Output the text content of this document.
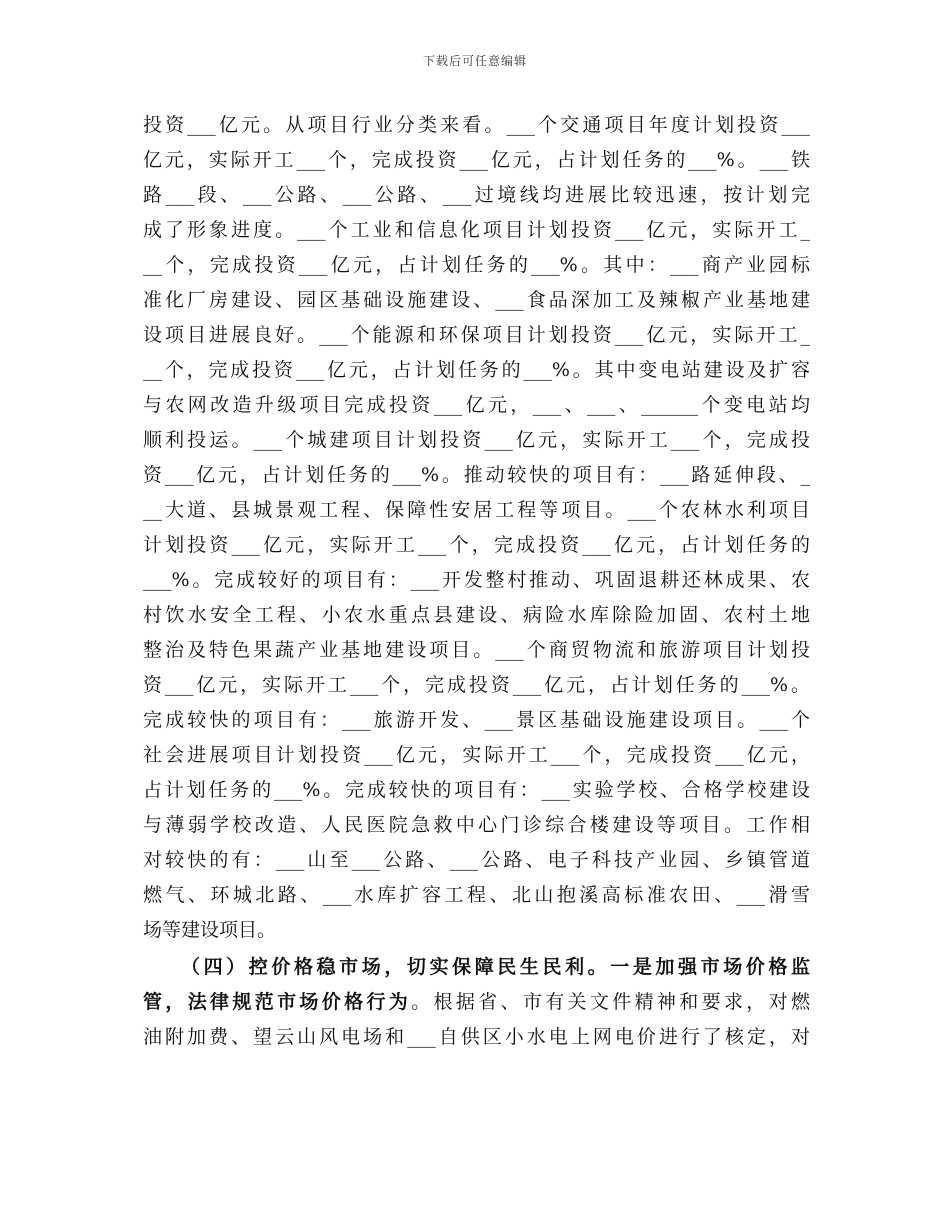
下载后可任意编辑
投资___亿元。从项目行业分类来看。___个交通项目年度计划投资___
亿元，实际开工___个，完成投资___亿元，占计划任务的___%。___铁
路___段、___公路、___公路、___过境线均进展比较迅速，按计划完
成了形象进度。___个工业和信息化项目计划投资___亿元，实际开工_
__个，完成投资___亿元，占计划任务的___%。其中：___商产业园标
准化厂房建设、园区基础设施建设、___食品深加工及辣椒产业基地建
设项目进展良好。___个能源和环保项目计划投资___亿元，实际开工_
__个，完成投资___亿元，占计划任务的___%。其中变电站建设及扩容
与农网改造升级项目完成投资___亿元，___、___、______个变电站均
顺利投运。___个城建项目计划投资___亿元，实际开工___个，完成投
资___亿元，占计划任务的___%。推动较快的项目有：___路延伸段、_
__大道、县城景观工程、保障性安居工程等项目。___个农林水利项目
计划投资___亿元，实际开工___个，完成投资___亿元，占计划任务的
___%。完成较好的项目有：___开发整村推动、巩固退耕还林成果、农
村饮水安全工程、小农水重点县建设、病险水库除险加固、农村土地
整治及特色果蔬产业基地建设项目。___个商贸物流和旅游项目计划投
资___亿元，实际开工___个，完成投资___亿元，占计划任务的___%。
完成较快的项目有：___旅游开发、___景区基础设施建设项目。___个
社会进展项目计划投资___亿元，实际开工___个，完成投资___亿元，
占计划任务的___%。完成较快的项目有：___实验学校、合格学校建设
与薄弱学校改造、人民医院急救中心门诊综合楼建设等项目。工作相
对较快的有：___山至___公路、___公路、电子科技产业园、乡镇管道
燃气、环城北路、___水库扩容工程、北山抱溪高标准农田、___滑雪
场等建设项目。
（四）控价格稳市场，切实保障民生民利。一是加强市场价格监
管，法律规范市场价格行为。根据省、市有关文件精神和要求，对燃
油附加费、望云山风电场和___自供区小水电上网电价进行了核定，对
